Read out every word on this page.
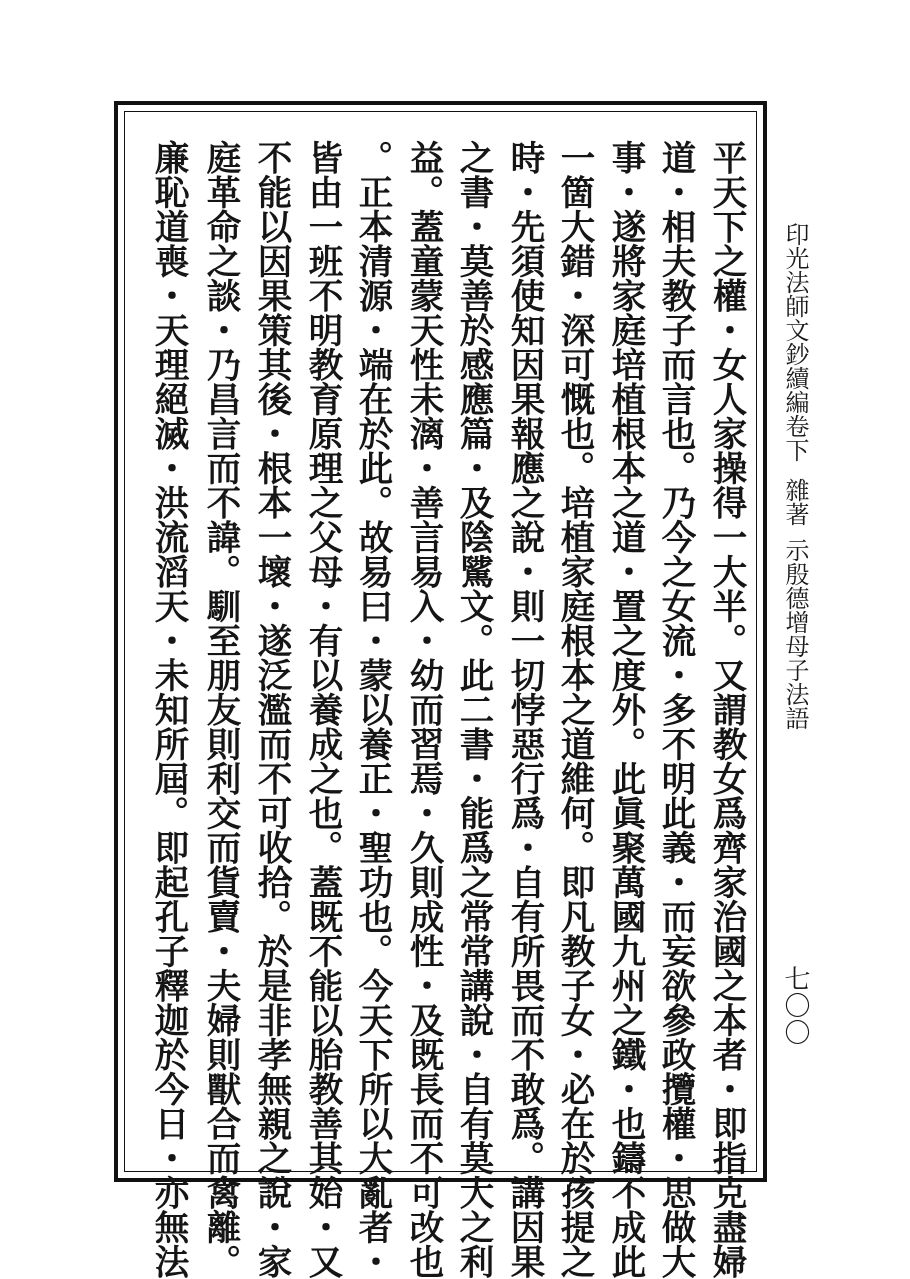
印光法師文鈔續編卷下雜著示殷德增母子法語
七〇〇
平天下之權・女人家操得一大半。又謂教女爲齊家治國之本者・即指克盡婦
道・相夫教子而言也。乃今之女流・多不明此義・而妄欲參政攬權・思做大
事・遂將家庭培植根本之道・置之度外。此眞聚萬國九州之鐵・也鑄不成此
一箇大錯・深可慨也。培植家庭根本之道維何。即凡教子女・必在於孩提之
時・先須使知因果報應之說・則一切悖惡行爲・自有所畏而不敢爲。講因果
之書・莫善於感應篇・及陰騭文。此二書・能爲之常常講說・自有莫大之利
益。蓋童蒙天性未漓・善言易入・幼而習焉・久則成性・及既長而不可改也
。正本清源・端在於此。故易曰・蒙以養正・聖功也。今天下所以大亂者・
皆由一班不明教育原理之父母・有以養成之也。蓋既不能以胎教善其始・又
不能以因果策其後・根本一壞・遂泛濫而不可收拾。於是非孝無親之說・家
庭革命之談・乃昌言而不諱。馴至朋友則利交而貨賣・夫婦則獸合而禽離。
廉恥道喪・天理絕滅・洪流滔天・未知所屆。即起孔子釋迦於今日・亦無法
